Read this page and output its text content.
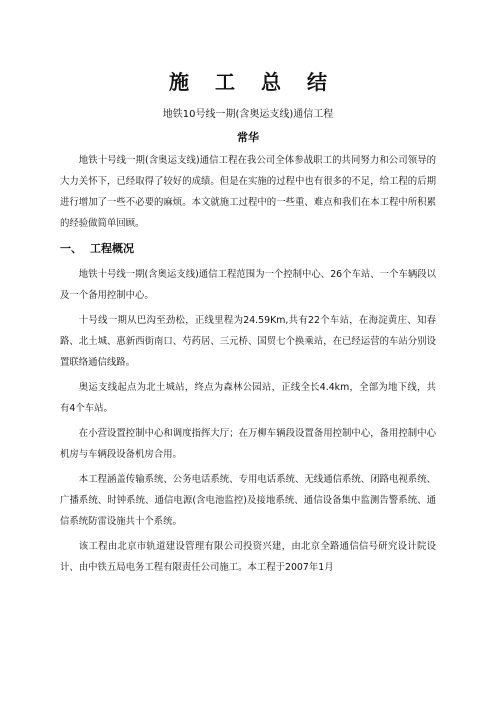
施工总结
地铁10号线一期(含奥运支线)通信工程
常华

地铁十号线一期(含奥运支线)通信工程在我公司全体参战职工的共同努力和公司领导的大力关怀下，已经取得了较好的成绩。但是在实施的过程中也有很多的不足，给工程的后期进行增加了一些不必要的麻烦。本文就施工过程中的一些重、难点和我们在本工程中所积累的经验做简单回顾。

一、 工程概况

地铁十号线一期(含奥运支线)通信工程范围为一个控制中心、26个车站、一个车辆段以及一个备用控制中心。

十号线一期从巴沟至劲松，正线里程为24.59Km,共有22个车站，在海淀黄庄、知春路、北土城、惠新西街南口、芍药居、三元桥、国贸七个换乘站，在已经运营的车站分别设置联络通信线路。

奥运支线起点为北土城站，终点为森林公园站，正线全长4.4km，全部为地下线，共有4个车站。

在小营设置控制中心和调度指挥大厅；在万柳车辆段设置备用控制中心，备用控制中心机房与车辆段设备机房合用。

本工程涵盖传输系统、公务电话系统、专用电话系统、无线通信系统、闭路电视系统、广播系统、时钟系统、通信电源(含电池监控)及接地系统、通信设备集中监测告警系统、通信系统防雷设施共十个系统。

该工程由北京市轨道建设管理有限公司投资兴建，由北京全路通信信号研究设计院设计、由中铁五局电务工程有限责任公司施工。本工程于2007年1月
